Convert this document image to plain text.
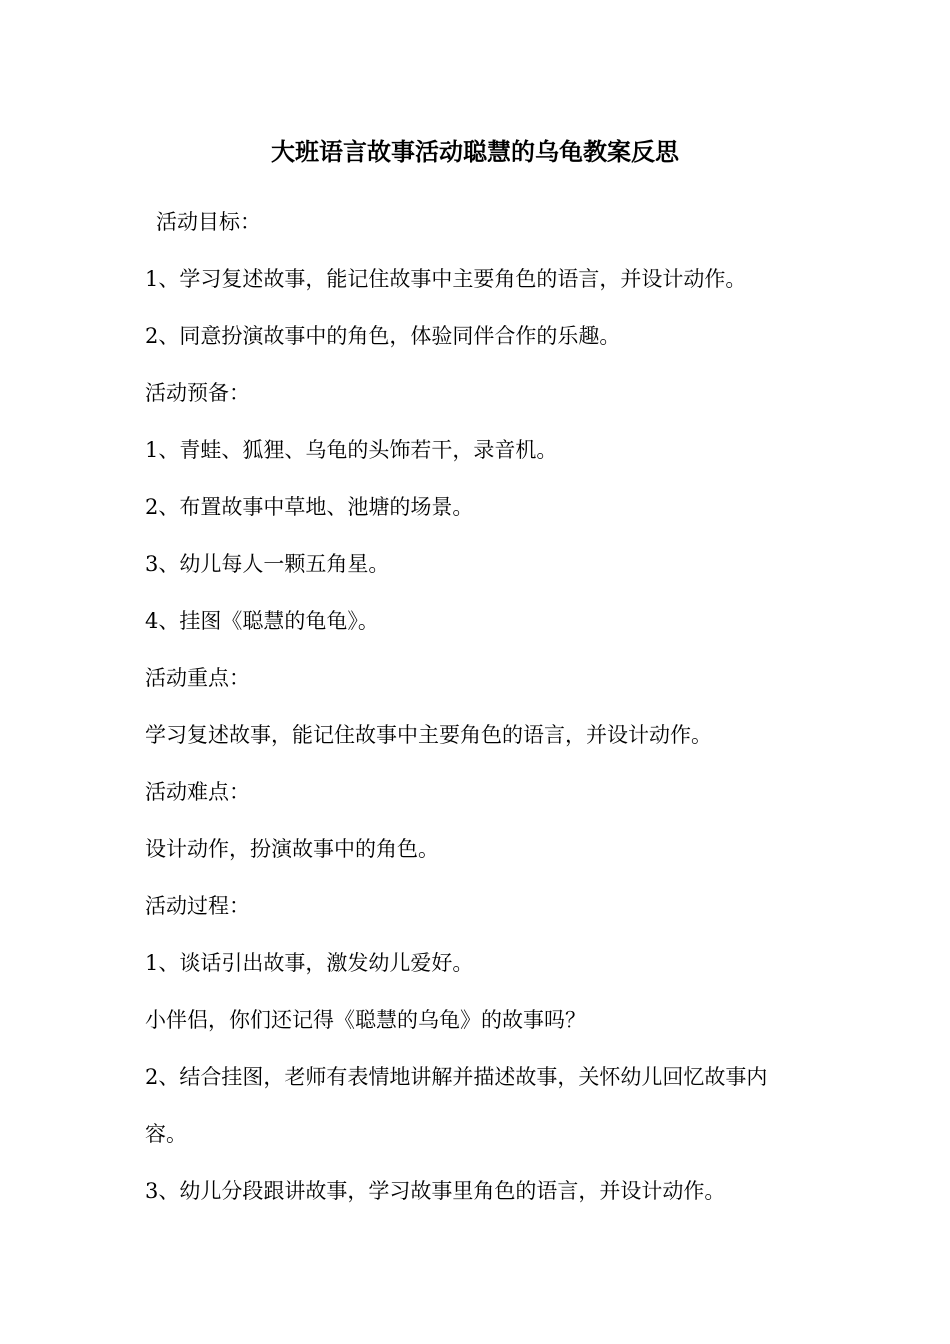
大班语言故事活动聪慧的乌龟教案反思
活动目标：
1、学习复述故事，能记住故事中主要角色的语言，并设计动作。
2、同意扮演故事中的角色，体验同伴合作的乐趣。
活动预备：
1、青蛙、狐狸、乌龟的头饰若干，录音机。
2、布置故事中草地、池塘的场景。
3、幼儿每人一颗五角星。
4、挂图《聪慧的龟龟》。
活动重点：
学习复述故事，能记住故事中主要角色的语言，并设计动作。
活动难点：
设计动作，扮演故事中的角色。
活动过程：
1、谈话引出故事，激发幼儿爱好。
小伴侣，你们还记得《聪慧的乌龟》的故事吗？
2、结合挂图，老师有表情地讲解并描述故事，关怀幼儿回忆故事内
容。
3、幼儿分段跟讲故事，学习故事里角色的语言，并设计动作。
